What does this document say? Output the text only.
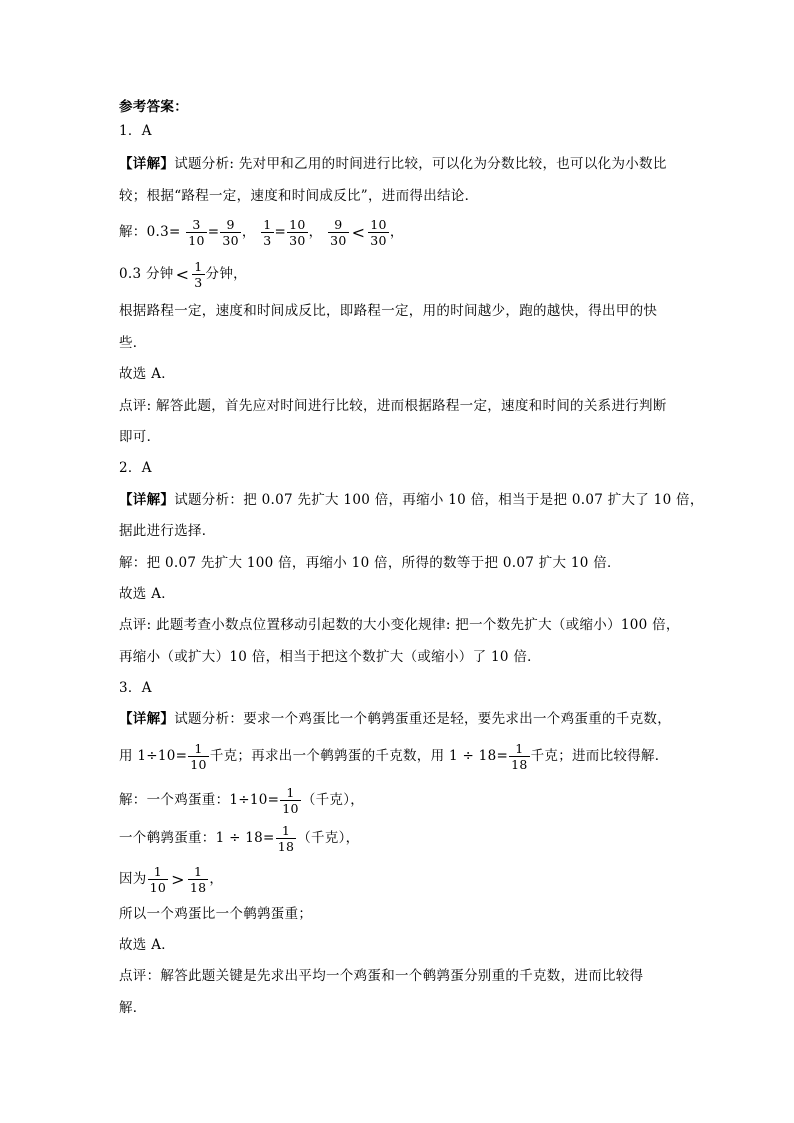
参考答案：
1．A
【详解】试题分析: 先对甲和乙用的时间进行比较，可以化为分数比较，也可以化为小数比
较；根据“路程一定，速度和时间成反比”，进而得出结论．
解：$0.3= \frac{3}{10} = \frac{9}{30}$ ， $\frac{1}{3} = \frac{10}{30}$ ， $\frac{9}{30} < \frac{10}{30}$ ，
0.3 分钟 < $\frac{1}{3}$ 分钟，
根据路程一定，速度和时间成反比，即路程一定，用的时间越少，跑的越快，得出甲的快
些．
故选 A．
点评: 解答此题，首先应对时间进行比较，进而根据路程一定，速度和时间的关系进行判断
即可．
2．A
【详解】试题分析：把 0.07 先扩大 100 倍，再缩小 10 倍，相当于是把 0.07 扩大了 10 倍，
据此进行选择．
解：把 0.07 先扩大 100 倍，再缩小 10 倍，所得的数等于把 0.07 扩大 10 倍．
故选 A．
点评: 此题考查小数点位置移动引起数的大小变化规律: 把一个数先扩大（或缩小）100 倍，
再缩小（或扩大）10 倍，相当于把这个数扩大（或缩小）了 10 倍．
3．A
【详解】试题分析：要求一个鸡蛋比一个鹌鹑蛋重还是轻，要先求出一个鸡蛋重的千克数，
用 $1\div 10= \frac{1}{10}$ 千克；再求出一个鹌鹑蛋的千克数，用 $1 \div 18= \frac{1}{18}$ 千克；进而比较得解．
解：一个鸡蛋重：$1\div 10= \frac{1}{10}$ （千克），
一个鹌鹑蛋重：$1 \div 18= \frac{1}{18}$ （千克），
因为 $\frac{1}{10} > \frac{1}{18}$ ，
所以一个鸡蛋比一个鹌鹑蛋重；
故选 A．
点评：解答此题关键是先求出平均一个鸡蛋和一个鹌鹑蛋分别重的千克数，进而比较得
解．
